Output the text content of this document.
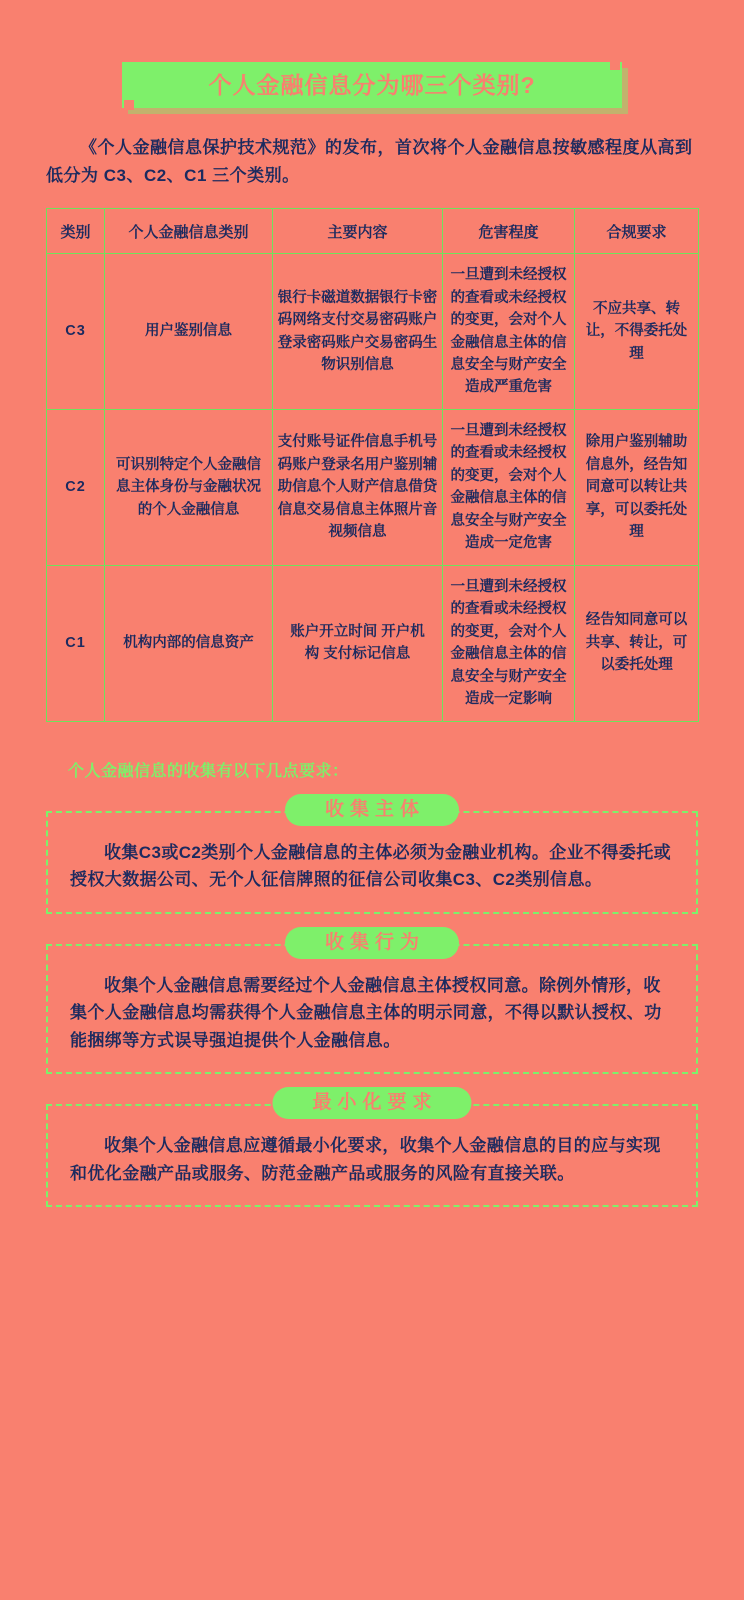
个人金融信息分为哪三个类别?
《个人金融信息保护技术规范》的发布，首次将个人金融信息按敏感程度从高到低分为 C3、C2、C1 三个类别。
类别	个人金融信息类别	主要内容	危害程度	合规要求
C3	用户鉴别信息	银行卡磁道数据银行卡密码网络支付交易密码账户登录密码账户交易密码生物识别信息	一旦遭到未经授权的查看或未经授权的变更，会对个人金融信息主体的信息安全与财产安全造成严重危害	不应共享、转让，不得委托处理
C2	可识别特定个人金融信息主体身份与金融状况的个人金融信息	支付账号证件信息手机号码账户登录名用户鉴别辅助信息个人财产信息借贷信息交易信息主体照片音视频信息	一旦遭到未经授权的查看或未经授权的变更，会对个人金融信息主体的信息安全与财产安全造成一定危害	除用户鉴别辅助信息外，经告知同意可以转让共享，可以委托处理
C1	机构内部的信息资产	账户开立时间 开户机构 支付标记信息	一旦遭到未经授权的查看或未经授权的变更，会对个人金融信息主体的信息安全与财产安全造成一定影响	经告知同意可以共享、转让，可以委托处理
个人金融信息的收集有以下几点要求：
收集主体
收集C3或C2类别个人金融信息的主体必须为金融业机构。企业不得委托或授权大数据公司、无个人征信牌照的征信公司收集C3、C2类别信息。
收集行为
收集个人金融信息需要经过个人金融信息主体授权同意。除例外情形，收集个人金融信息均需获得个人金融信息主体的明示同意，不得以默认授权、功能捆绑等方式误导强迫提供个人金融信息。
最小化要求
收集个人金融信息应遵循最小化要求，收集个人金融信息的目的应与实现和优化金融产品或服务、防范金融产品或服务的风险有直接关联。
